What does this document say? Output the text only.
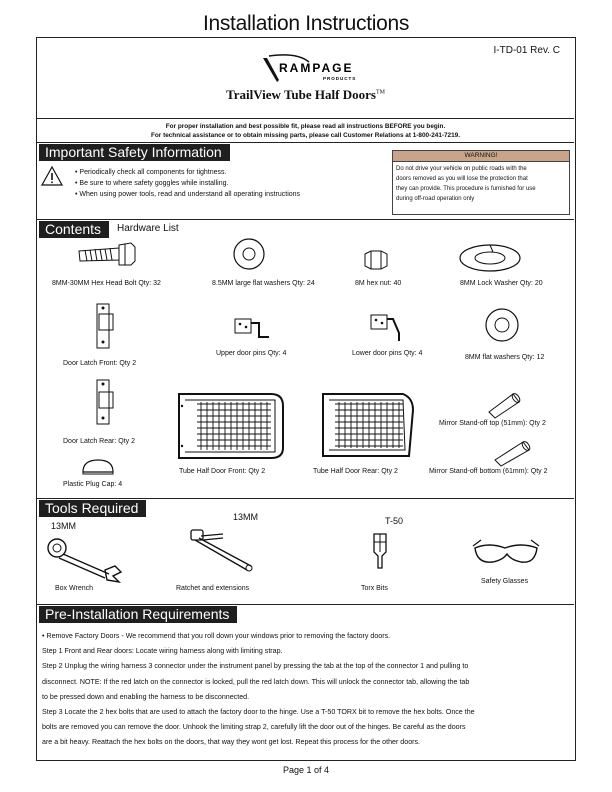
Installation Instructions
I-TD-01 Rev. C
RAMPAGE
PRODUCTS
TrailView Tube Half Doors™
For proper installation and best possible fit, please read all instructions BEFORE you begin.
For technical assistance or to obtain missing parts, please call Customer Relations at 1-800-241-7219.
Important Safety Information
• Periodically check all components for tightness.
• Be sure to where safety goggles while installing.
• When using power tools, read and understand all operating instructions
WARNING!
Do not drive your vehicle on public roads with the
doors removed as you will lose the protection that
they can provide. This procedure is furnished for use
during off-road operation only
Contents	Hardware List
8MM-30MM Hex Head Bolt Qty: 32	8.5MM large flat washers Qty: 24	8M hex nut: 40	8MM Lock Washer Qty: 20
Door Latch Front: Qty 2
Upper door pins Qty: 4	Lower door pins Qty: 4
8MM flat washers Qty: 12
Door Latch Rear: Qty 2
Mirror Stand-off top (51mm): Qty 2
Plastic Plug Cap: 4
Tube Half Door Front: Qty 2	Tube Half Door Rear: Qty 2	Mirror Stand-off bottom (61mm): Qty 2
Tools Required
13MM
13MM	T-50
Box Wrench	Ratchet and extensions	Torx Bits
Safety Glasses
Pre-Installation Requirements
• Remove Factory Doors - We recommend that you roll down your windows prior to removing the factory doors.
Step 1 Front and Rear doors: Locate wiring harness along with limiting strap.
Step 2 Unplug the wiring harness 3 connector under the instrument panel by pressing the tab at the top of the connector 1 and pulling to
disconnect. NOTE: If the red latch on the connector is locked, pull the red latch down. This will unlock the connector tab, allowing the tab
to be pressed down and enabling the harness to be disconnected.
Step 3 Locate the 2 hex bolts that are used to attach the factory door to the hinge. Use a T-50 TORX bit to remove the hex bolts. Once the
bolts are removed you can remove the door. Unhook the limiting strap 2, carefully lift the door out of the hinges. Be careful as the doors
are a bit heavy. Reattach the hex bolts on the doors, that way they wont get lost. Repeat this process for the other doors.
Page 1 of 4
